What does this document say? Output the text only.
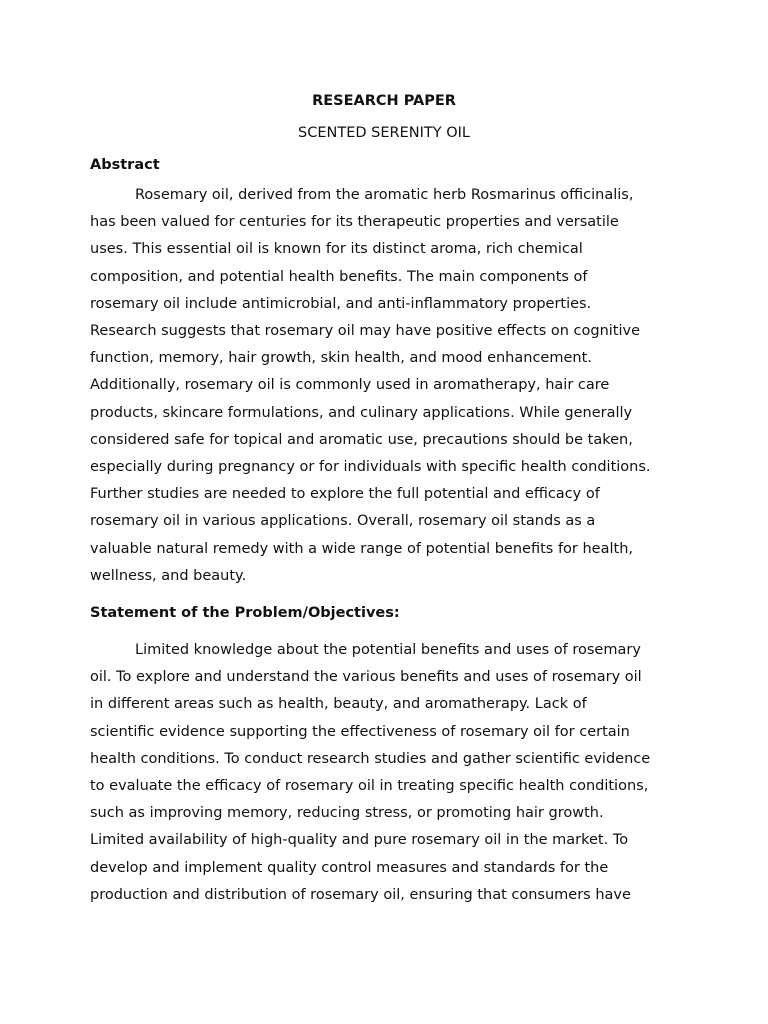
RESEARCH PAPER

SCENTED SERENITY OIL

Abstract
Rosemary oil, derived from the aromatic herb Rosmarinus officinalis,
has been valued for centuries for its therapeutic properties and versatile
uses. This essential oil is known for its distinct aroma, rich chemical
composition, and potential health benefits. The main components of
rosemary oil include antimicrobial, and anti-inflammatory properties.
Research suggests that rosemary oil may have positive effects on cognitive
function, memory, hair growth, skin health, and mood enhancement.
Additionally, rosemary oil is commonly used in aromatherapy, hair care
products, skincare formulations, and culinary applications. While generally
considered safe for topical and aromatic use, precautions should be taken,
especially during pregnancy or for individuals with specific health conditions.
Further studies are needed to explore the full potential and efficacy of
rosemary oil in various applications. Overall, rosemary oil stands as a
valuable natural remedy with a wide range of potential benefits for health,
wellness, and beauty.
Statement of the Problem/Objectives:
Limited knowledge about the potential benefits and uses of rosemary
oil. To explore and understand the various benefits and uses of rosemary oil
in different areas such as health, beauty, and aromatherapy. Lack of
scientific evidence supporting the effectiveness of rosemary oil for certain
health conditions. To conduct research studies and gather scientific evidence
to evaluate the efficacy of rosemary oil in treating specific health conditions,
such as improving memory, reducing stress, or promoting hair growth.
Limited availability of high-quality and pure rosemary oil in the market. To
develop and implement quality control measures and standards for the
production and distribution of rosemary oil, ensuring that consumers have
